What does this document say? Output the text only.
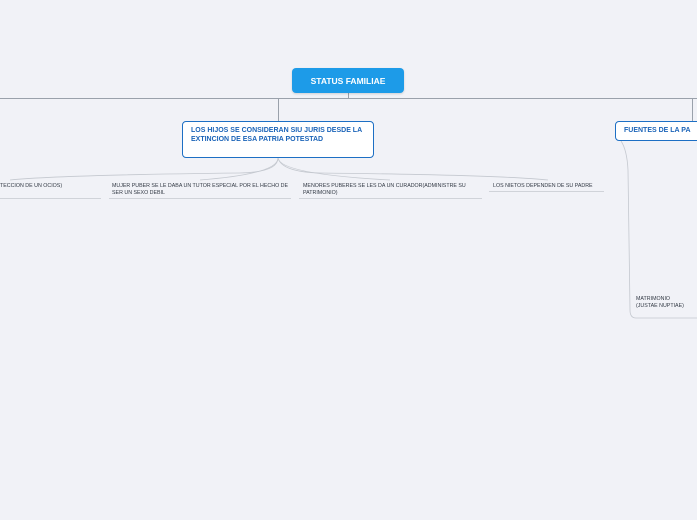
STATUS FAMILIAE
LOS HIJOS SE CONSIDERAN SIU JURIS DESDE LA EXTINCION DE ESA PATRIA POTESTAD
FUENTES DE LA PA
TECCION DE UN OCIOS)	MUJER PUBER SE LE DABA UN TUTOR ESPECIAL POR EL HECHO DE SER UN SEXO DEBIL
MENORES PUBERES SE LES DA UN CURADOR(ADMINISTRE SU PATRIMONIO)
LOS NIETOS DEPENDEN DE SU PADRE
MATRIMONIO (JUSTAE NUPTIAE)
